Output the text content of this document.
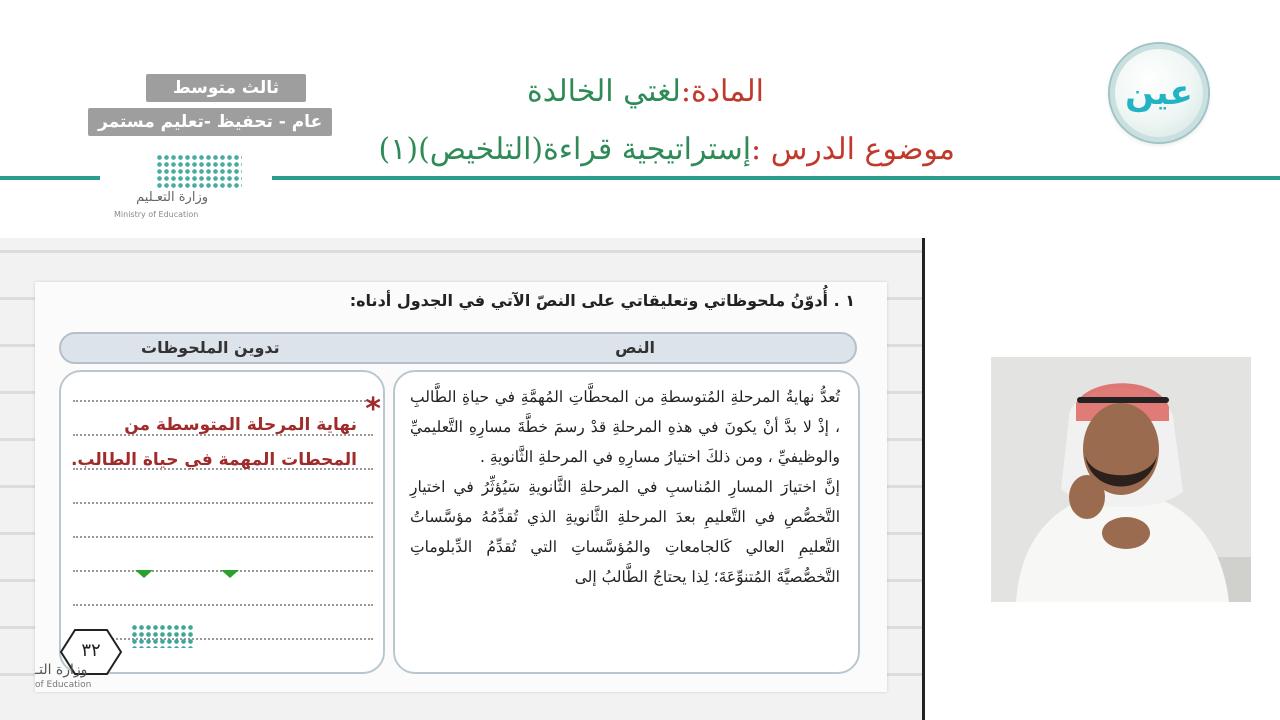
عين
المادة:لغتي الخالدة
موضوع الدرس :إستراتيجية قراءة(التلخيص)(١)
ثالث متوسط
عام - تحفيظ -تعليم مستمر
وزارة التعـليم
Ministry of Education
١ . أُدوّنُ ملحوظاتي وتعليقاتي على النصّ الآتي في الجدول أدناه:
النص
تدوين الملحوظات

تُعدُّ نهايةُ المرحلةِ المُتوسطةِ من المحطَّاتِ المُهمَّةِ في حياةِ الطَّالبِ ، إذْ لا بدَّ أنْ يكونَ في هذهِ المرحلةِ قدْ رسمَ خطَّةَ مسارِهِ التَّعليميِّ والوظيفيِّ ، ومن ذلكَ اختيارُ مسارِهِ في المرحلةِ الثَّانويةِ .

إنَّ اختيارَ المسارِ المُناسبِ في المرحلةِ الثَّانويةِ سَيُؤثِّرُ في اختيارِ التَّخصُّصِ في التَّعليمِ بعدَ المرحلةِ الثَّانويةِ الذي تُقدِّمُهُ مؤسَّساتُ التَّعليمِ العالي كَالجامعاتِ والمُؤسَّساتِ التي تُقدِّمُ الدِّبلوماتِ التَّخصُّصيَّةَ المُتنوِّعَةَ؛ لِذا يحتاجُ الطَّالبُ إلى

*
نهاية المرحلة المتوسطة من المحطات المهمة في حياة الطالب.
٣٢
وزارة التـ
of Education
